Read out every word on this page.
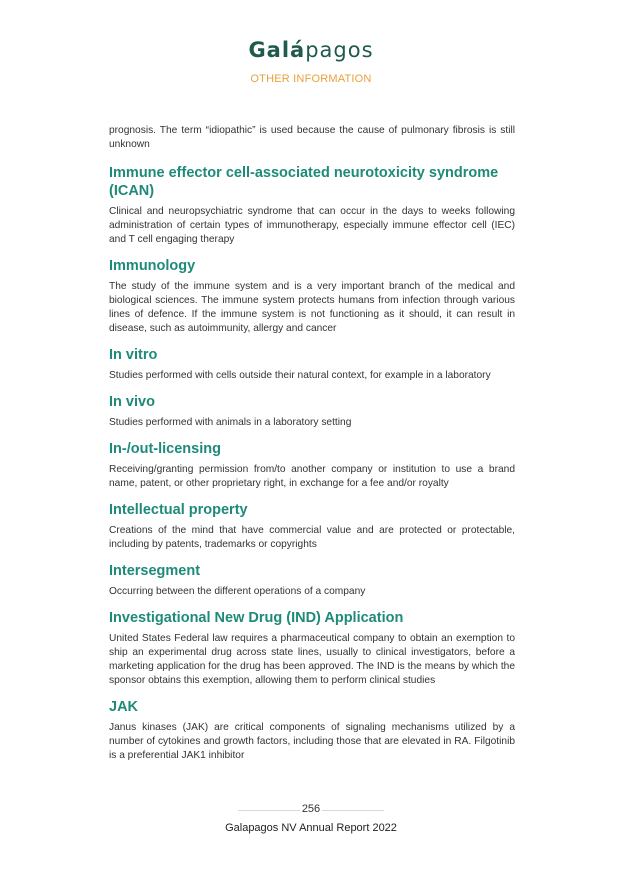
Galápagos
OTHER INFORMATION

prognosis. The term “idiopathic” is used because the cause of pulmonary fibrosis is still unknown

Immune effector cell-associated neurotoxicity syndrome (ICAN)

Clinical and neuropsychiatric syndrome that can occur in the days to weeks following administration of certain types of immunotherapy, especially immune effector cell (IEC) and T cell engaging therapy

Immunology

The study of the immune system and is a very important branch of the medical and biological sciences. The immune system protects humans from infection through various lines of defence. If the immune system is not functioning as it should, it can result in disease, such as autoimmunity, allergy and cancer

In vitro

Studies performed with cells outside their natural context, for example in a laboratory

In vivo

Studies performed with animals in a laboratory setting

In-/out-licensing

Receiving/granting permission from/to another company or institution to use a brand name, patent, or other proprietary right, in exchange for a fee and/or royalty

Intellectual property

Creations of the mind that have commercial value and are protected or protectable, including by patents, trademarks or copyrights

Intersegment

Occurring between the different operations of a company

Investigational New Drug (IND) Application

United States Federal law requires a pharmaceutical company to obtain an exemption to ship an experimental drug across state lines, usually to clinical investigators, before a marketing application for the drug has been approved. The IND is the means by which the sponsor obtains this exemption, allowing them to perform clinical studies

JAK

Janus kinases (JAK) are critical components of signaling mechanisms utilized by a number of cytokines and growth factors, including those that are elevated in RA. Filgotinib is a preferential JAK1 inhibitor

256
Galapagos NV Annual Report 2022
